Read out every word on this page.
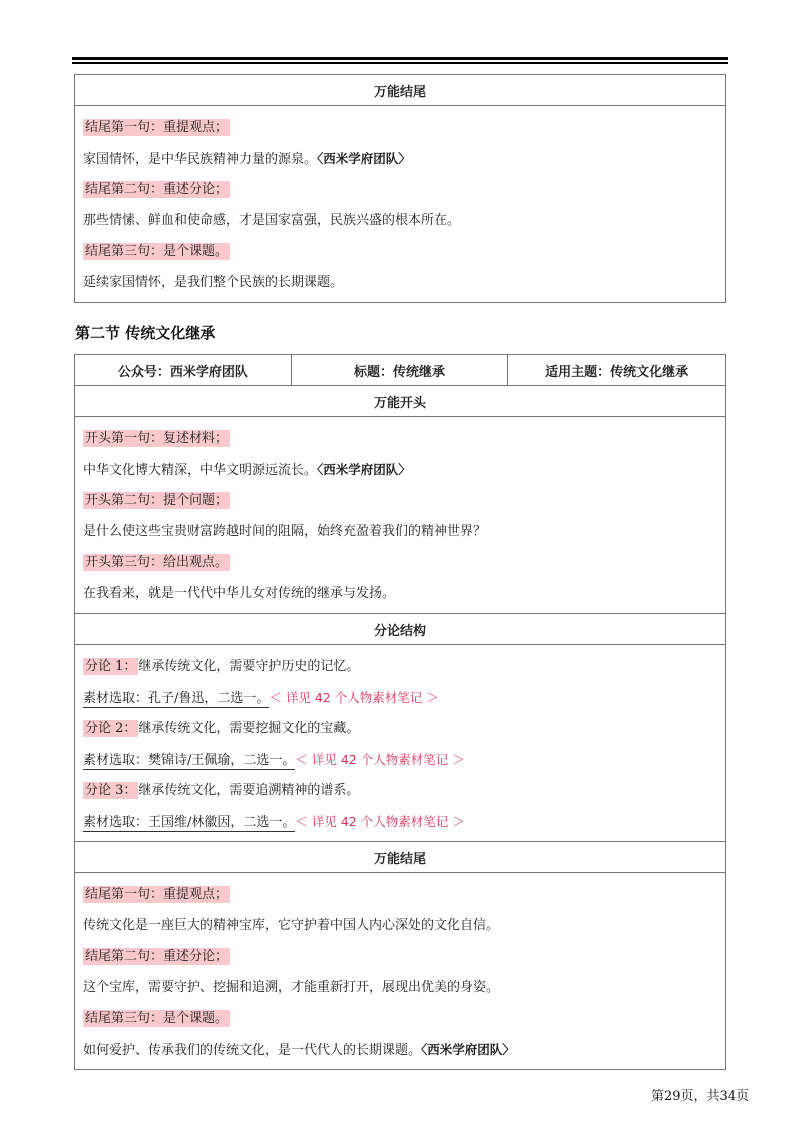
万能结尾

结尾第一句：重提观点；
家国情怀，是中华民族精神力量的源泉。〈西米学府团队〉
结尾第二句：重述分论；
那些情愫、鲜血和使命感，才是国家富强，民族兴盛的根本所在。
结尾第三句：是个课题。
延续家国情怀，是我们整个民族的长期课题。
第二节 传统文化继承
公众号：西米学府团队	标题：传统继承	适用主题：传统文化继承
万能开头

开头第一句：复述材料；
中华文化博大精深，中华文明源远流长。〈西米学府团队〉
开头第二句：提个问题；
是什么使这些宝贵财富跨越时间的阻隔，始终充盈着我们的精神世界？
开头第三句：给出观点。
在我看来，就是一代代中华儿女对传统的继承与发扬。

分论结构

分论 1： 继承传统文化，需要守护历史的记忆。
素材选取：孔子/鲁迅，二选一。＜ 详见 42 个人物素材笔记 ＞
分论 2： 继承传统文化，需要挖掘文化的宝藏。
素材选取：樊锦诗/王佩瑜，二选一。＜ 详见 42 个人物素材笔记 ＞
分论 3： 继承传统文化，需要追溯精神的谱系。
素材选取：王国维/林徽因，二选一。＜ 详见 42 个人物素材笔记 ＞

万能结尾

结尾第一句：重提观点；
传统文化是一座巨大的精神宝库，它守护着中国人内心深处的文化自信。
结尾第二句：重述分论；
这个宝库，需要守护、挖掘和追溯，才能重新打开，展现出优美的身姿。
结尾第三句：是个课题。
如何爱护、传承我们的传统文化，是一代代人的长期课题。〈西米学府团队〉
第29页，共34页
